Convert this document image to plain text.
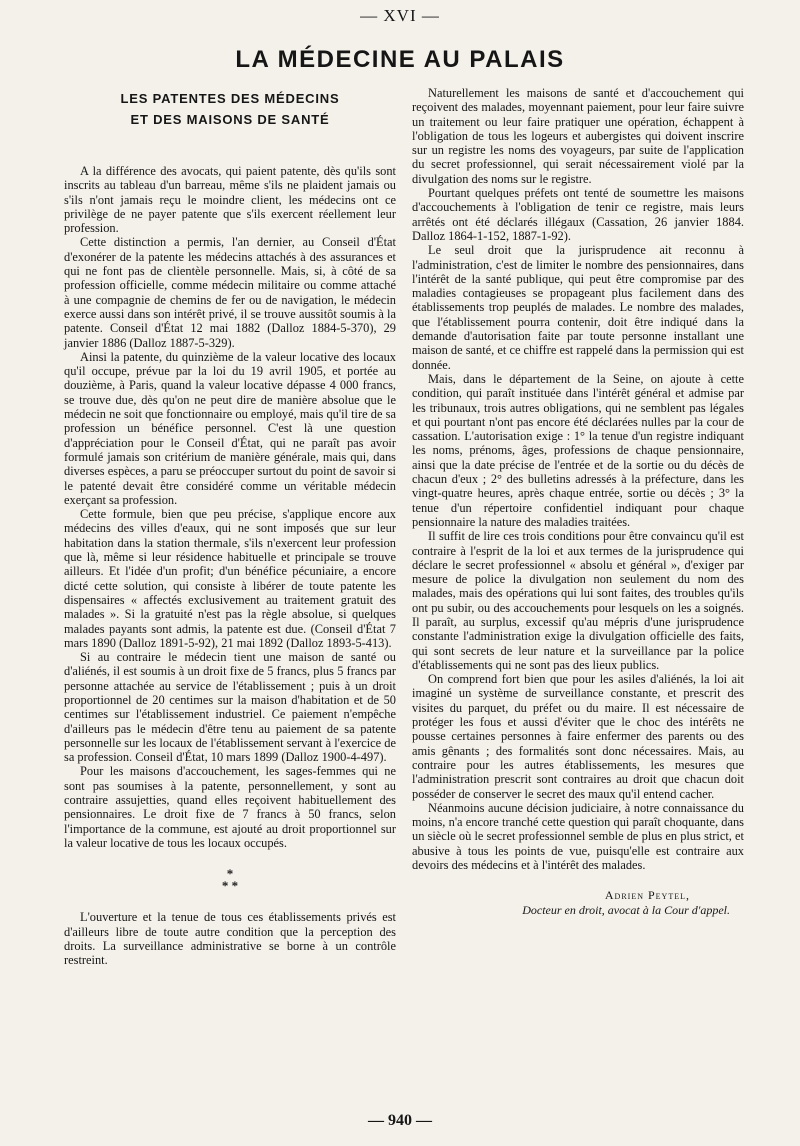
— XVI —
LA MÉDECINE AU PALAIS
LES PATENTES DES MÉDECINS
ET DES MAISONS DE SANTÉ

A la différence des avocats, qui paient patente, dès qu'ils sont inscrits au tableau d'un barreau, même s'ils ne plaident jamais ou s'ils n'ont jamais reçu le moindre client, les médecins ont ce privilège de ne payer patente que s'ils exercent réellement leur profession.

Cette distinction a permis, l'an dernier, au Conseil d'État d'exonérer de la patente les médecins attachés à des assurances et qui ne font pas de clientèle personnelle. Mais, si, à côté de sa profession officielle, comme médecin militaire ou comme attaché à une compagnie de chemins de fer ou de navigation, le médecin exerce aussi dans son intérêt privé, il se trouve aussitôt soumis à la patente. Conseil d'État 12 mai 1882 (Dalloz 1884-5-370), 29 janvier 1886 (Dalloz 1887-5-329).

Ainsi la patente, du quinzième de la valeur locative des locaux qu'il occupe, prévue par la loi du 19 avril 1905, et portée au douzième, à Paris, quand la valeur locative dépasse 4 000 francs, se trouve due, dès qu'on ne peut dire de manière absolue que le médecin ne soit que fonctionnaire ou employé, mais qu'il tire de sa profession un bénéfice personnel. C'est là une question d'appréciation pour le Conseil d'État, qui ne paraît pas avoir formulé jamais son critérium de manière générale, mais qui, dans diverses espèces, a paru se préoccuper surtout du point de savoir si le patenté devait être considéré comme un véritable médecin exerçant sa profession.

Cette formule, bien que peu précise, s'applique encore aux médecins des villes d'eaux, qui ne sont imposés que sur leur habitation dans la station thermale, s'ils n'exercent leur profession que là, même si leur résidence habituelle et principale se trouve ailleurs. Et l'idée d'un profit; d'un bénéfice pécuniaire, a encore dicté cette solution, qui consiste à libérer de toute patente les dispensaires « affectés exclusivement au traitement gratuit des malades ». Si la gratuité n'est pas la règle absolue, si quelques malades payants sont admis, la patente est due. (Conseil d'État 7 mars 1890 (Dalloz 1891-5-92), 21 mai 1892 (Dalloz 1893-5-413).

Si au contraire le médecin tient une maison de santé ou d'aliénés, il est soumis à un droit fixe de 5 francs, plus 5 francs par personne attachée au service de l'établissement ; puis à un droit proportionnel de 20 centimes sur la maison d'habitation et de 50 centimes sur l'établissement industriel. Ce paiement n'empêche d'ailleurs pas le médecin d'être tenu au paiement de sa patente personnelle sur les locaux de l'établissement servant à l'exercice de sa profession. Conseil d'État, 10 mars 1899 (Dalloz 1900-4-497).

Pour les maisons d'accouchement, les sages-femmes qui ne sont pas soumises à la patente, personnellement, y sont au contraire assujetties, quand elles reçoivent habituellement des pensionnaires. Le droit fixe de 7 francs à 50 francs, selon l'importance de la commune, est ajouté au droit proportionnel sur la valeur locative de tous les locaux occupés.

*
* *

L'ouverture et la tenue de tous ces établissements privés est d'ailleurs libre de toute autre condition que la perception des droits. La surveillance administrative se borne à un contrôle restreint.

Naturellement les maisons de santé et d'accouchement qui reçoivent des malades, moyennant paiement, pour leur faire suivre un traitement ou leur faire pratiquer une opération, échappent à l'obligation de tous les logeurs et aubergistes qui doivent inscrire sur un registre les noms des voyageurs, par suite de l'application du secret professionnel, qui serait nécessairement violé par la divulgation des noms sur le registre.

Pourtant quelques préfets ont tenté de soumettre les maisons d'accouchements à l'obligation de tenir ce registre, mais leurs arrêtés ont été déclarés illégaux (Cassation, 26 janvier 1884. Dalloz 1864-1-152, 1887-1-92).

Le seul droit que la jurisprudence ait reconnu à l'administration, c'est de limiter le nombre des pensionnaires, dans l'intérêt de la santé publique, qui peut être compromise par des maladies contagieuses se propageant plus facilement dans des établissements trop peuplés de malades. Le nombre des malades, que l'établissement pourra contenir, doit être indiqué dans la demande d'autorisation faite par toute personne installant une maison de santé, et ce chiffre est rappelé dans la permission qui est donnée.

Mais, dans le département de la Seine, on ajoute à cette condition, qui paraît instituée dans l'intérêt général et admise par les tribunaux, trois autres obligations, qui ne semblent pas légales et qui pourtant n'ont pas encore été déclarées nulles par la cour de cassation. L'autorisation exige : 1° la tenue d'un registre indiquant les noms, prénoms, âges, professions de chaque pensionnaire, ainsi que la date précise de l'entrée et de la sortie ou du décès de chacun d'eux ; 2° des bulletins adressés à la préfecture, dans les vingt-quatre heures, après chaque entrée, sortie ou décès ; 3° la tenue d'un répertoire confidentiel indiquant pour chaque pensionnaire la nature des maladies traitées.

Il suffit de lire ces trois conditions pour être convaincu qu'il est contraire à l'esprit de la loi et aux termes de la jurisprudence qui déclare le secret professionnel « absolu et général », d'exiger par mesure de police la divulgation non seulement du nom des malades, mais des opérations qui lui sont faites, des troubles qu'ils ont pu subir, ou des accouchements pour lesquels on les a soignés. Il paraît, au surplus, excessif qu'au mépris d'une jurisprudence constante l'administration exige la divulgation officielle des faits, qui sont secrets de leur nature et la surveillance par la police d'établissements qui ne sont pas des lieux publics.

On comprend fort bien que pour les asiles d'aliénés, la loi ait imaginé un système de surveillance constante, et prescrit des visites du parquet, du préfet ou du maire. Il est nécessaire de protéger les fous et aussi d'éviter que le choc des intérêts ne pousse certaines personnes à faire enfermer des parents ou des amis gênants ; des formalités sont donc nécessaires. Mais, au contraire pour les autres établissements, les mesures que l'administration prescrit sont contraires au droit que chacun doit posséder de conserver le secret des maux qu'il entend cacher.

Néanmoins aucune décision judiciaire, à notre connaissance du moins, n'a encore tranché cette question qui paraît choquante, dans un siècle où le secret professionnel semble de plus en plus strict, et abusive à tous les points de vue, puisqu'elle est contraire aux devoirs des médecins et à l'intérêt des malades.

Adrien Peytel,
Docteur en droit, avocat à la Cour d'appel.
— 940 —
